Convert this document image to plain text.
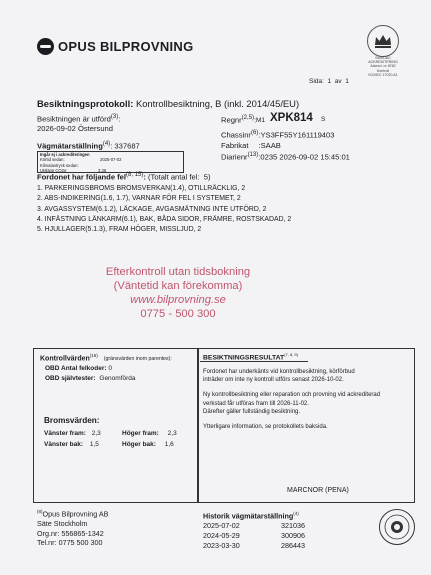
OPUS BILPROVNING
SWEDAC
ACKREDITERING
Ackred. nr 8782
Kontroll
ISO/IEC 17020 A1
Sida: 1 av 1
Besiktningsprotokoll: Kontrollbesiktning, B (inkl. 2014/45/EU)
Besiktningen är utförd$^{(3)}$:
2026-09-02 Östersund
Vägmätarställning$^{(4)}$: 337687
Ingår ej i ackrediteringen
Körtid sedan:	2025-07-02
Klimatavtryck sedan:
Utsläpp CO2e:	3,36
Regnr$^{(2,5)}$: M1 XPK814 S
Chassinr$^{(6)}$:YS3FF55Y161119403
Fabrikat :SAAB
Diarienr$^{(13)}$:0235 2026-09-02 15:45:01
Fordonet har följande fel$^{(8, 15)}$: (Totalt antal fel: 5)
1. PARKERINGSBROMS BROMSVERKAN(1.4), OTILLRÄCKLIG, 2
2. ABS-INDIKERING(1.6, 1.7), VARNAR FÖR FEL I SYSTEMET, 2
3. AVGASSYSTEM(6.1.2), LÄCKAGE, AVGASMÄTNING INTE UTFÖRD, 2
4. INFÄSTNING LÄNKARM(6.1), BAK, BÅDA SIDOR, FRÄMRE, ROSTSKADAD, 2
5. HJULLAGER(5.1.3), FRAM HÖGER, MISSLJUD, 2
Efterkontroll utan tidsbokning
(Väntetid kan förekomma)
www.bilprovning.se
0775 - 500 300
Kontrollvärden$^{(16)}$ (gränsvärden inom parentes):
OBD Antal felkoder: 0
OBD självtester: Genomförda
Bromsvärden:
Vänster fram: 2,3
Vänster bak: 1,5
Höger fram: 2,3
Höger bak: 1,6
BESIKTNINGSRESULTAT$^{(7, 8, 9)}$
Fordonet har underkänts vid kontrollbesiktning, körförbud
inträder om inte ny kontroll utförs senast 2026-10-02.
Ny kontrollbesiktning eller reparation och provning vid ackrediterad
verkstad får utföras fram till 2026-11-02.
Därefter gäller fullständig besiktning.
Ytterligare information, se protokollets baksida.
MARCNOR (PENA)
$^{(8)}$Opus Bilprovning AB
Säte Stockholm
Org.nr: 556865-1342
Tel.nr: 0775 500 300
Historik vägmätarställning$^{(4)}$
2025-07-02
2024-05-29
2023-03-30
321036
300906
286443
